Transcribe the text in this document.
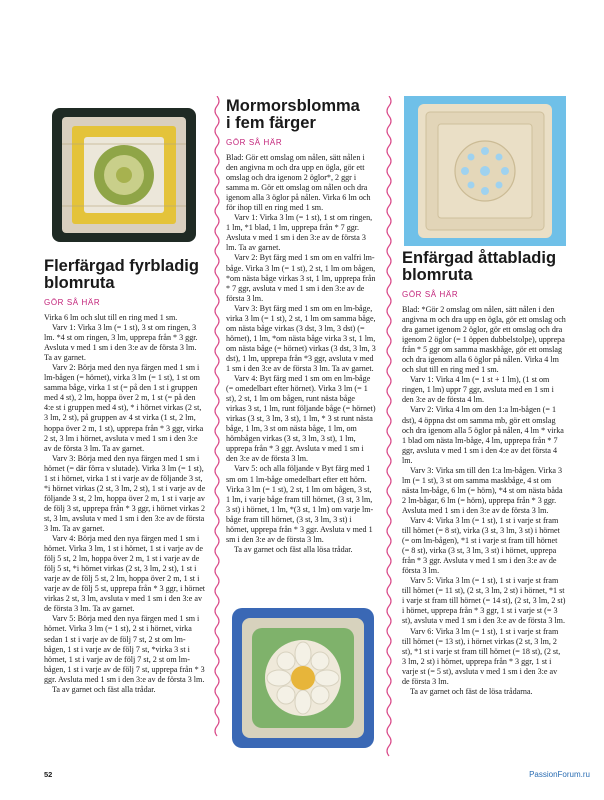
Flerfärgad fyrbladig
blomruta
GÖR SÅ HÄR

Virka 6 lm och slut till en ring med 1 sm.

Varv 1: Virka 3 lm (= 1 st), 3 st om ringen, 3 lm. *4 st om ringen, 3 lm, upprepa från * 3 ggr. Avsluta v med 1 sm i den 3:e av de första 3 lm. Ta av garnet.

Varv 2: Börja med den nya färgen med 1 sm i lm-bågen (= hörnet), virka 3 lm (= 1 st), 1 st om samma båge, virka 1 st (= på den 1 st i gruppen med 4 st), 2 lm, hoppa över 2 m, 1 st (= på den 4:e st i gruppen med 4 st), * i hörnet virkas (2 st, 3 lm, 2 st), på gruppen av 4 st virka (1 st, 2 lm, hoppa över 2 m, 1 st), upprepa från * 3 ggr, virka 2 st, 3 lm i hörnet, avsluta v med 1 sm i den 3:e av de första 3 lm. Ta av garnet.

Varv 3: Börja med den nya färgen med 1 sm i hörnet (= där förra v slutade). Virka 3 lm (= 1 st), 1 st i hörnet, virka 1 st i varje av de följande 3 st, *i hörnet virkas (2 st, 3 lm, 2 st), 1 st i varje av de följande 3 st, 2 lm, hoppa över 2 m, 1 st i varje av de följ 3 st, upprepa från * 3 ggr, i hörnet virkas 2 st, 3 lm, avsluta v med 1 sm i den 3:e av de första 3 lm. Ta av garnet.

Varv 4: Börja med den nya färgen med 1 sm i hörnet. Virka 3 lm, 1 st i hörnet, 1 st i varje av de följ 5 st, 2 lm, hoppa över 2 m, 1 st i varje av de följ 5 st, *i hörnet virkas (2 st, 3 lm, 2 st), 1 st i varje av de följ 5 st, 2 lm, hoppa över 2 m, 1 st i varje av de följ 5 st, upprepa från * 3 ggr, i hörnet virkas 2 st, 3 lm, avsluta v med 1 sm i den 3:e av de första 3 lm. Ta av garnet.

Varv 5: Börja med den nya färgen med 1 sm i hörnet. Virka 3 lm (= 1 st), 2 st i hörnet, virka sedan 1 st i varje av de följ 7 st, 2 st om lm-bågen, 1 st i varje av de följ 7 st, *virka 3 st i hörnet, 1 st i varje av de följ 7 st, 2 st om lm-bågen, 1 st i varje av de följ 7 st, upprepa från * 3 ggr. Avsluta med 1 sm i den 3:e av de första 3 lm.

Ta av garnet och fäst alla trådar.

Mormorsblomma
i fem färger
GÖR SÅ HÄR

Blad: Gör ett omslag om nålen, sätt nålen i den angivna m och dra upp en ögla, gör ett omslag och dra igenom 2 öglor*, 2 ggr i samma m. Gör ett omslag om nålen och dra igenom alla 3 öglor på nålen. Virka 6 lm och för ihop till en ring med 1 sm.

Varv 1: Virka 3 lm (= 1 st), 1 st om ringen, 1 lm, *1 blad, 1 lm, upprepa från * 7 ggr. Avsluta v med 1 sm i den 3:e av de första 3 lm. Ta av garnet.

Varv 2: Byt färg med 1 sm om en valfri lm-båge. Virka 3 lm (= 1 st), 2 st, 1 lm om bågen, *om nästa båge virkas 3 st, 1 lm, upprepa från * 7 ggr, avsluta v med 1 sm i den 3:e av de första 3 lm.

Varv 3: Byt färg med 1 sm om en lm-båge, virka 3 lm (= 1 st), 2 st, 1 lm om samma båge, om nästa båge virkas (3 dst, 3 lm, 3 dst) (= hörnet), 1 lm, *om nästa båge virka 3 st, 1 lm, om nästa båge (= hörnet) virkas (3 dst, 3 lm, 3 dst), 1 lm, upprepa från *3 ggr, avsluta v med 1 sm i den 3:e av de första 3 lm. Ta av garnet.

Varv 4: Byt färg med 1 sm om en lm-båge (= omedelbart efter hörnet). Virka 3 lm (= 1 st), 2 st, 1 lm om bågen, runt nästa båge virkas 3 st, 1 lm, runt följande båge (= hörnet) virkas (3 st, 3 lm, 3 st), 1 lm, * 3 st runt nästa båge, 1 lm, 3 st om nästa båge, 1 lm, om hörnbågen virkas (3 st, 3 lm, 3 st), 1 lm, upprepa från * 3 ggr. Avsluta v med 1 sm i den 3:e av de första 3 lm.

Varv 5: och alla följande v Byt färg med 1 sm om 1 lm-båge omedelbart efter ett hörn. Virka 3 lm (= 1 st), 2 st, 1 lm om bågen, 3 st, 1 lm, i varje båge fram till hörnet, (3 st, 3 lm, 3 st) i hörnet, 1 lm, *(3 st, 1 lm) om varje lm-båge fram till hörnet, (3 st, 3 lm, 3 st) i hörnet, upprepa från * 3 ggr. Avsluta v med 1 sm i den 3:e av de första 3 lm.

Ta av garnet och fäst alla lösa trådar.

Enfärgad åttabladig
blomruta
GÖR SÅ HÄR

Blad: *Gör 2 omslag om nålen, sätt nålen i den angivna m och dra upp en ögla, gör ett omslag och dra garnet igenom 2 öglor, gör ett omslag och dra igenom 2 öglor (= 1 öppen dubbelstolpe), upprepa från * 5 ggr om samma maskbåge, gör ett omslag och dra igenom alla 6 öglor på nålen. Virka 4 lm och slut till en ring med 1 sm.

Varv 1: Virka 4 lm (= 1 st + 1 lm), (1 st om ringen, 1 lm) uppr 7 ggr, avsluta med en 1 sm i den 3:e av de första 4 lm.

Varv 2: Virka 4 lm om den 1:a lm-bågen (= 1 dst), 4 öppna dst om samma mb, gör ett omslag och dra igenom alla 5 öglor på nålen, 4 lm * virka 1 blad om nästa lm-båge, 4 lm, upprepa från * 7 ggr, avsluta v med 1 sm i den 4:e av det första 4 lm.

Varv 3: Virka sm till den 1:a lm-bågen. Virka 3 lm (= 1 st), 3 st om samma maskbåge, 4 st om nästa lm-båge, 6 lm (= hörn), *4 st om nästa båda 2 lm-bågar, 6 lm (= hörn), upprepa från * 3 ggr. Avsluta med 1 sm i den 3:e av de första 3 lm.

Varv 4: Virka 3 lm (= 1 st), 1 st i varje st fram till hörnet (= 8 st), virka (3 st, 3 lm, 3 st) i hörnet (= om lm-bågen), *1 st i varje st fram till hörnet (= 8 st), virka (3 st, 3 lm, 3 st) i hörnet, upprepa från * 3 ggr. Avsluta v med 1 sm i den 3:e av de första 3 lm.

Varv 5: Virka 3 lm (= 1 st), 1 st i varje st fram till hörnet (= 11 st), (2 st, 3 lm, 2 st) i hörnet, *1 st i varje st fram till hörnet (= 14 st), (2 st, 3 lm, 2 st) i hörnet, upprepa från * 3 ggr, 1 st i varje st (= 3 st), avsluta v med 1 sm i den 3:e av de första 3 lm.

Varv 6: Virka 3 lm (= 1 st), 1 st i varje st fram till hörnet (= 13 st), i hörnet virkas (2 st, 3 lm, 2 st), *1 st i varje st fram till hörnet (= 18 st), (2 st, 3 lm, 2 st) i hörnet, upprepa från * 3 ggr, 1 st i varje st (= 5 st), avsluta v med 1 sm i den 3:e av de första 3 lm.

Ta av garnet och fäst de lösa trådarna.

52	PassionForum.ru
